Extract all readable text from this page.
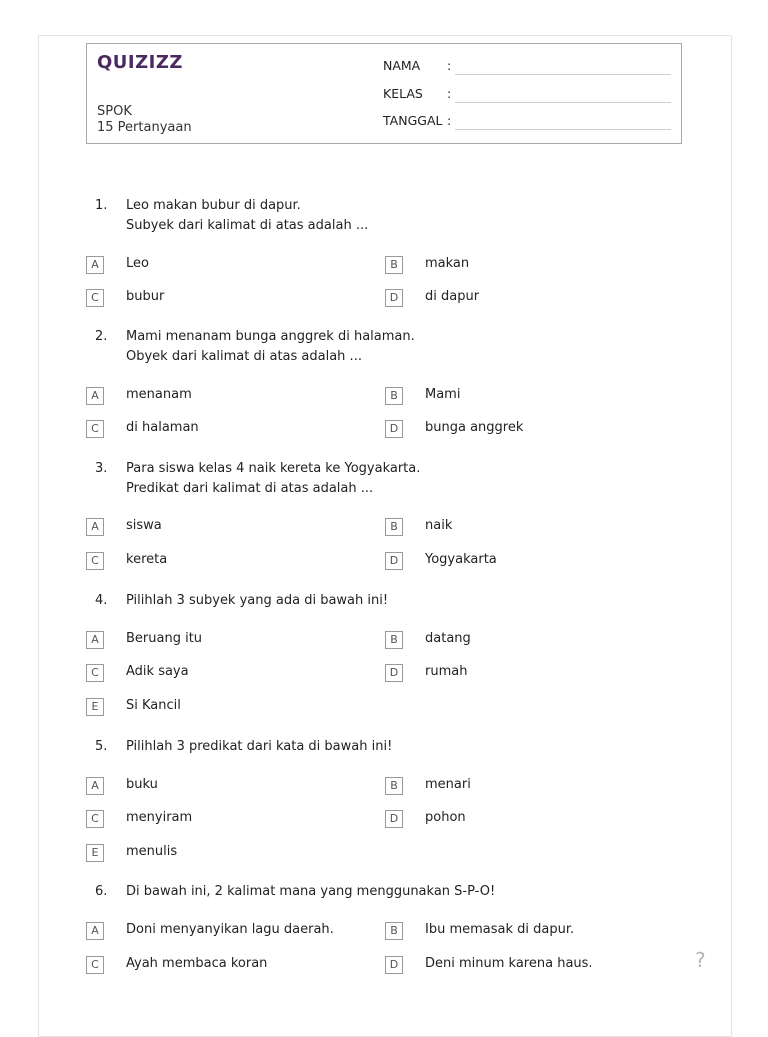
QUIZIZZ
SPOK
15 Pertanyaan
NAMA :
KELAS :
TANGGAL :
1. Leo makan bubur di dapur.
Subyek dari kalimat di atas adalah ...
A	Leo	B	makan
C	bubur	D	di dapur
2. Mami menanam bunga anggrek di halaman.
Obyek dari kalimat di atas adalah ...
A	menanam	B	Mami
C	di halaman	D	bunga anggrek
3. Para siswa kelas 4 naik kereta ke Yogyakarta.
Predikat dari kalimat di atas adalah ...
A	siswa	B	naik
C	kereta	D	Yogyakarta
4. Pilihlah 3 subyek yang ada di bawah ini!
A	Beruang itu	B	datang
C	Adik saya	D	rumah
E	Si Kancil
5. Pilihlah 3 predikat dari kata di bawah ini!
A	buku	B	menari
C	menyiram	D	pohon
E	menulis
6. Di bawah ini, 2 kalimat mana yang menggunakan S-P-O!
A	Doni menyanyikan lagu daerah.	B	Ibu memasak di dapur.
C	Ayah membaca koran	D	Deni minum karena haus.	?
